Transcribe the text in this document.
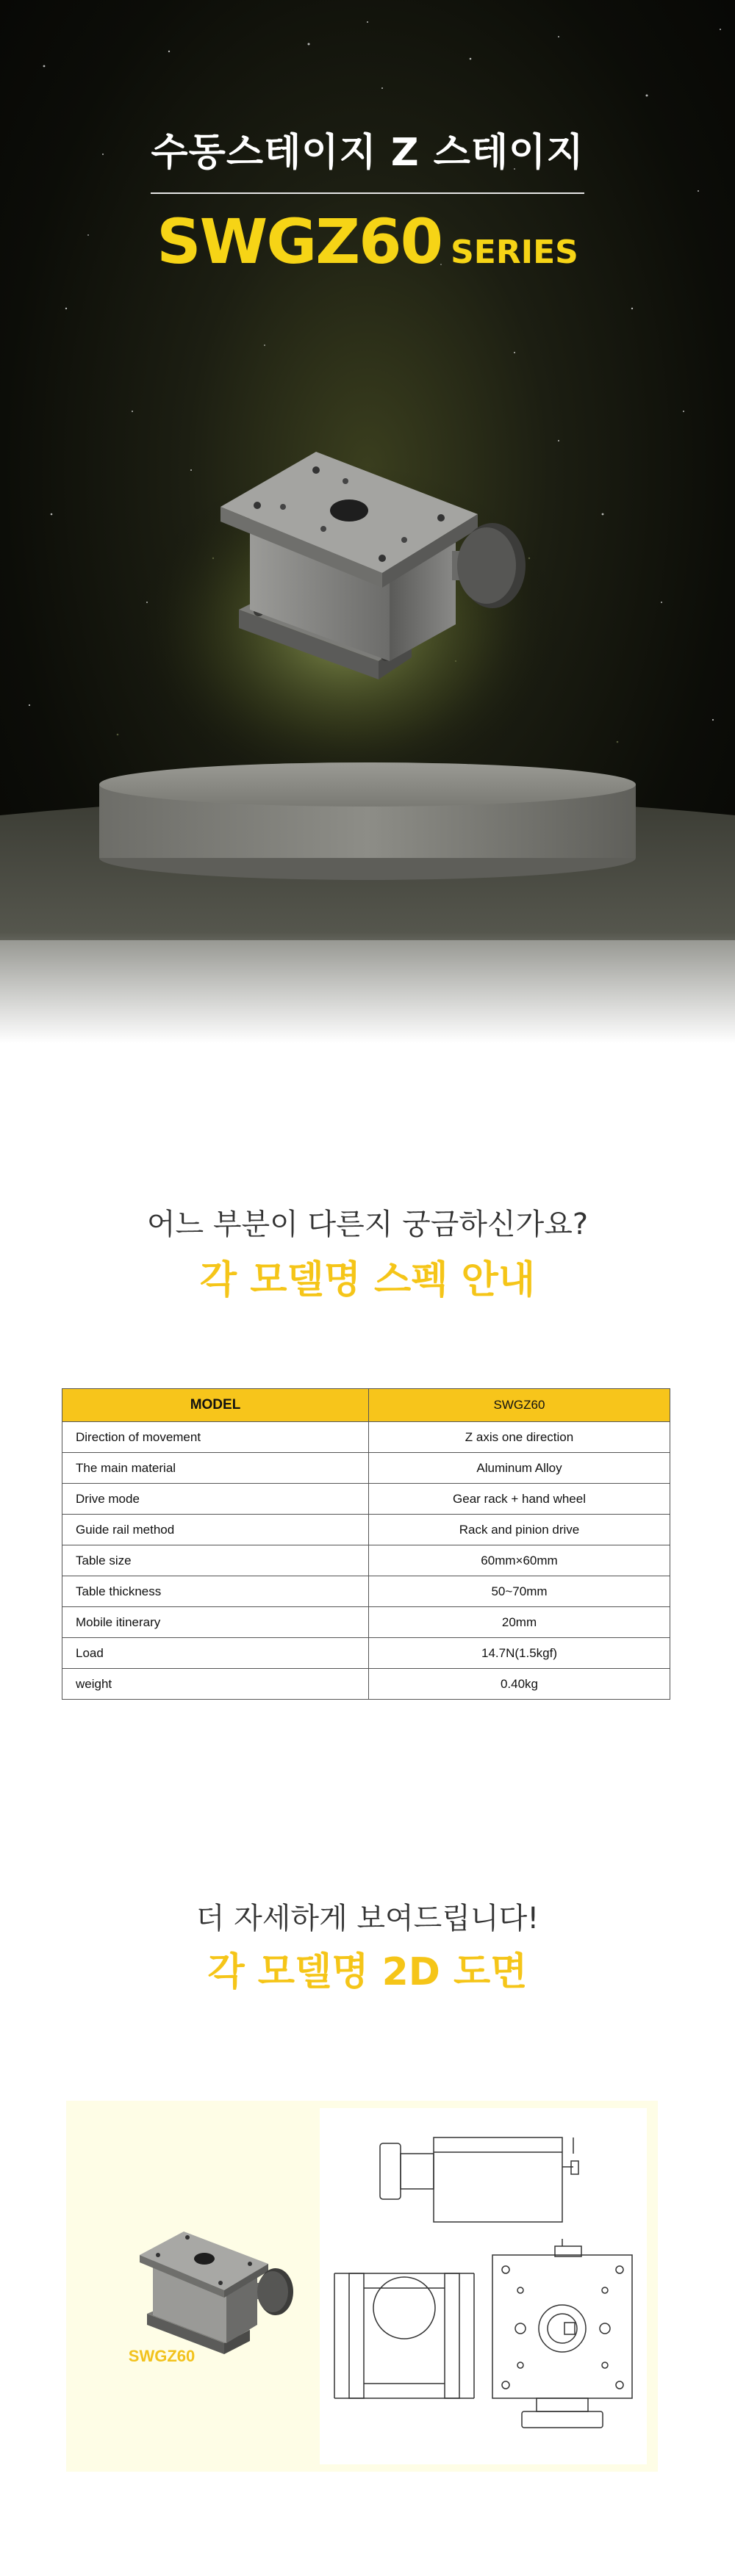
수동스테이지 Z 스테이지
SWGZ60 SERIES
어느 부분이 다른지 궁금하신가요?
각 모델명 스펙 안내
MODEL	SWGZ60
Direction of movement	Z axis one direction
The main material	Aluminum Alloy
Drive mode	Gear rack + hand wheel
Guide rail method	Rack and pinion drive
Table size	60mm×60mm
Table thickness	50~70mm
Mobile itinerary	20mm
Load	14.7N(1.5kgf)
weight	0.40kg
더 자세하게 보여드립니다!
각 모델명 2D 도면
SWGZ60
